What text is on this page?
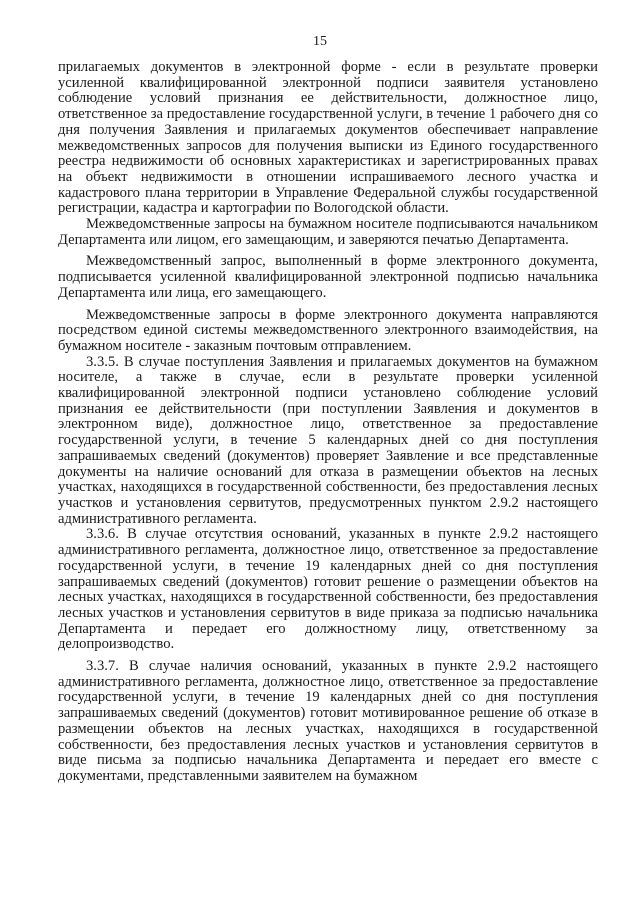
15

прилагаемых документов в электронной форме - если в результате проверки усиленной квалифицированной электронной подписи заявителя установлено соблюдение условий признания ее действительности, должностное лицо, ответственное за предоставление государственной услуги, в течение 1 рабочего дня со дня получения Заявления и прилагаемых документов обеспечивает направление межведомственных запросов для получения выписки из Единого государственного реестра недвижимости об основных характеристиках и зарегистрированных правах на объект недвижимости в отношении испрашиваемого лесного участка и кадастрового плана территории в Управление Федеральной службы государственной регистрации, кадастра и картографии по Вологодской области.

Межведомственные запросы на бумажном носителе подписываются начальником Департамента или лицом, его замещающим, и заверяются печатью Департамента.

Межведомственный запрос, выполненный в форме электронного документа, подписывается усиленной квалифицированной электронной подписью начальника Департамента или лица, его замещающего.

Межведомственные запросы в форме электронного документа направляются посредством единой системы межведомственного электронного взаимодействия, на бумажном носителе - заказным почтовым отправлением.

3.3.5. В случае поступления Заявления и прилагаемых документов на бумажном носителе, а также в случае, если в результате проверки усиленной квалифицированной электронной подписи установлено соблюдение условий признания ее действительности (при поступлении Заявления и документов в электронном виде), должностное лицо, ответственное за предоставление государственной услуги, в течение 5 календарных дней со дня поступления запрашиваемых сведений (документов) проверяет Заявление и все представленные документы на наличие оснований для отказа в размещении объектов на лесных участках, находящихся в государственной собственности, без предоставления лесных участков и установления сервитутов, предусмотренных пунктом 2.9.2 настоящего административного регламента.

3.3.6. В случае отсутствия оснований, указанных в пункте 2.9.2 настоящего административного регламента, должностное лицо, ответственное за предоставление государственной услуги, в течение 19 календарных дней со дня поступления запрашиваемых сведений (документов) готовит решение о размещении объектов на лесных участках, находящихся в государственной собственности, без предоставления лесных участков и установления сервитутов в виде приказа за подписью начальника Департамента и передает его должностному лицу, ответственному за делопроизводство.

3.3.7. В случае наличия оснований, указанных в пункте 2.9.2 настоящего административного регламента, должностное лицо, ответственное за предоставление государственной услуги, в течение 19 календарных дней со дня поступления запрашиваемых сведений (документов) готовит мотивированное решение об отказе в размещении объектов на лесных участках, находящихся в государственной собственности, без предоставления лесных участков и установления сервитутов в виде письма за подписью начальника Департамента и передает его вместе с документами, представленными заявителем на бумажном
